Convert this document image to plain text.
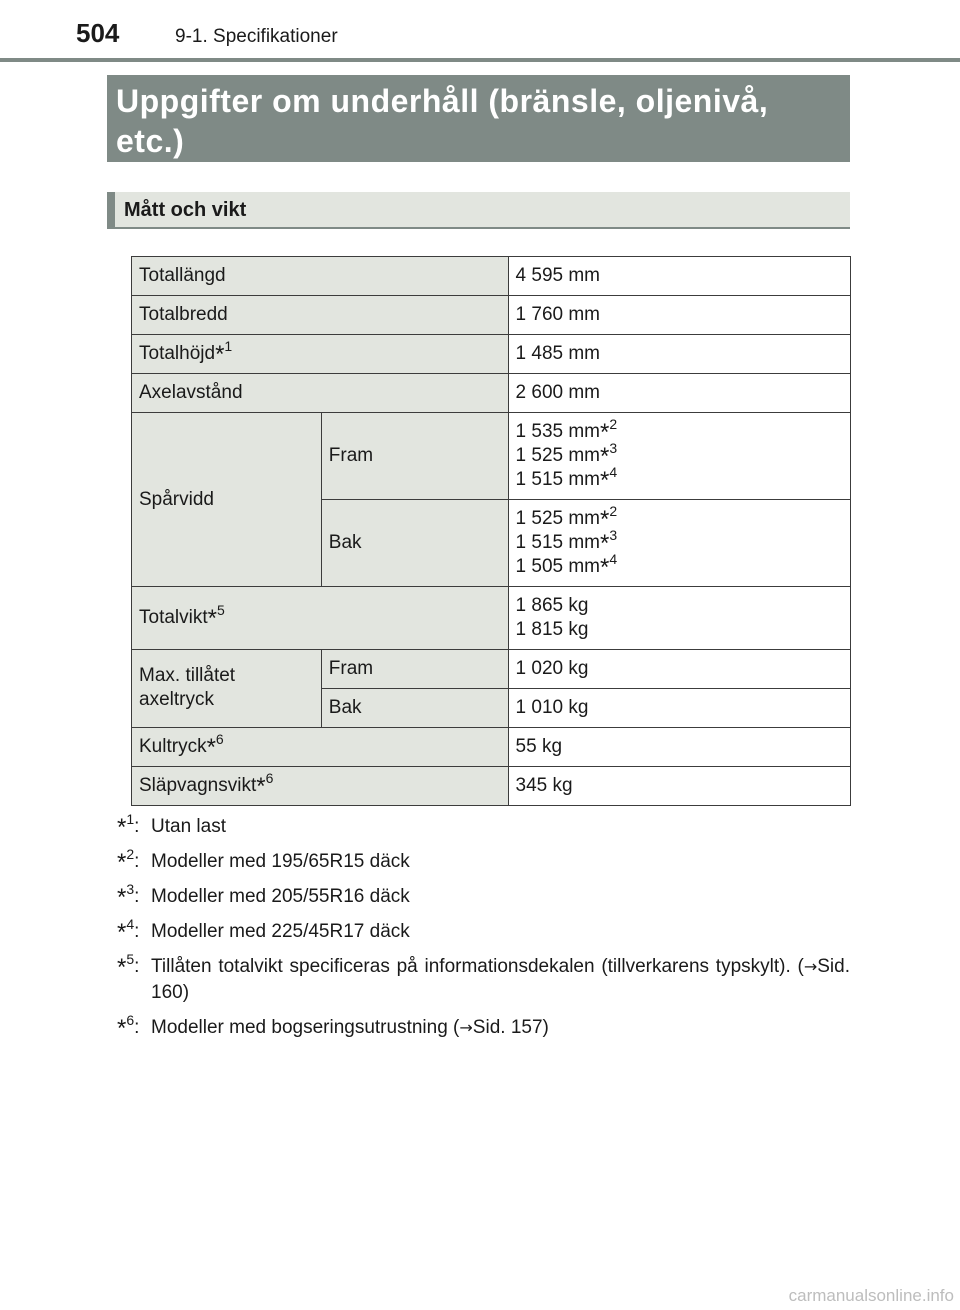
504	9-1. Specifikationer
Uppgifter om underhåll (bränsle, oljenivå, etc.)
Mått och vikt
Totallängd		4 595 mm
Totalbredd		1 760 mm
Totalhöjd*$^1$		1 485 mm
Axelavstånd		2 600 mm
Spårvidd	Fram	1 535 mm*$^2$
1 525 mm*$^3$
1 515 mm*$^4$

	Bak	1 525 mm*$^2$
1 515 mm*$^3$
1 505 mm*$^4$

Totalvikt*$^5$		1 865 kg
1 815 kg

Max. tillåtet axeltryck	Fram	1 020 kg
	Bak	1 010 kg
Kultryck*$^6$		55 kg
Släpvagnsvikt*$^6$		345 kg
*$^1$: Utan last
*$^2$: Modeller med 195/65R15 däck
*$^3$: Modeller med 205/55R16 däck
*$^4$: Modeller med 225/45R17 däck
*$^5$: Tillåten totalvikt specificeras på informationsdekalen (tillverkarens typskylt). (→Sid. 160)
*$^6$: Modeller med bogseringsutrustning (→Sid. 157)
carmanualsonline.info
